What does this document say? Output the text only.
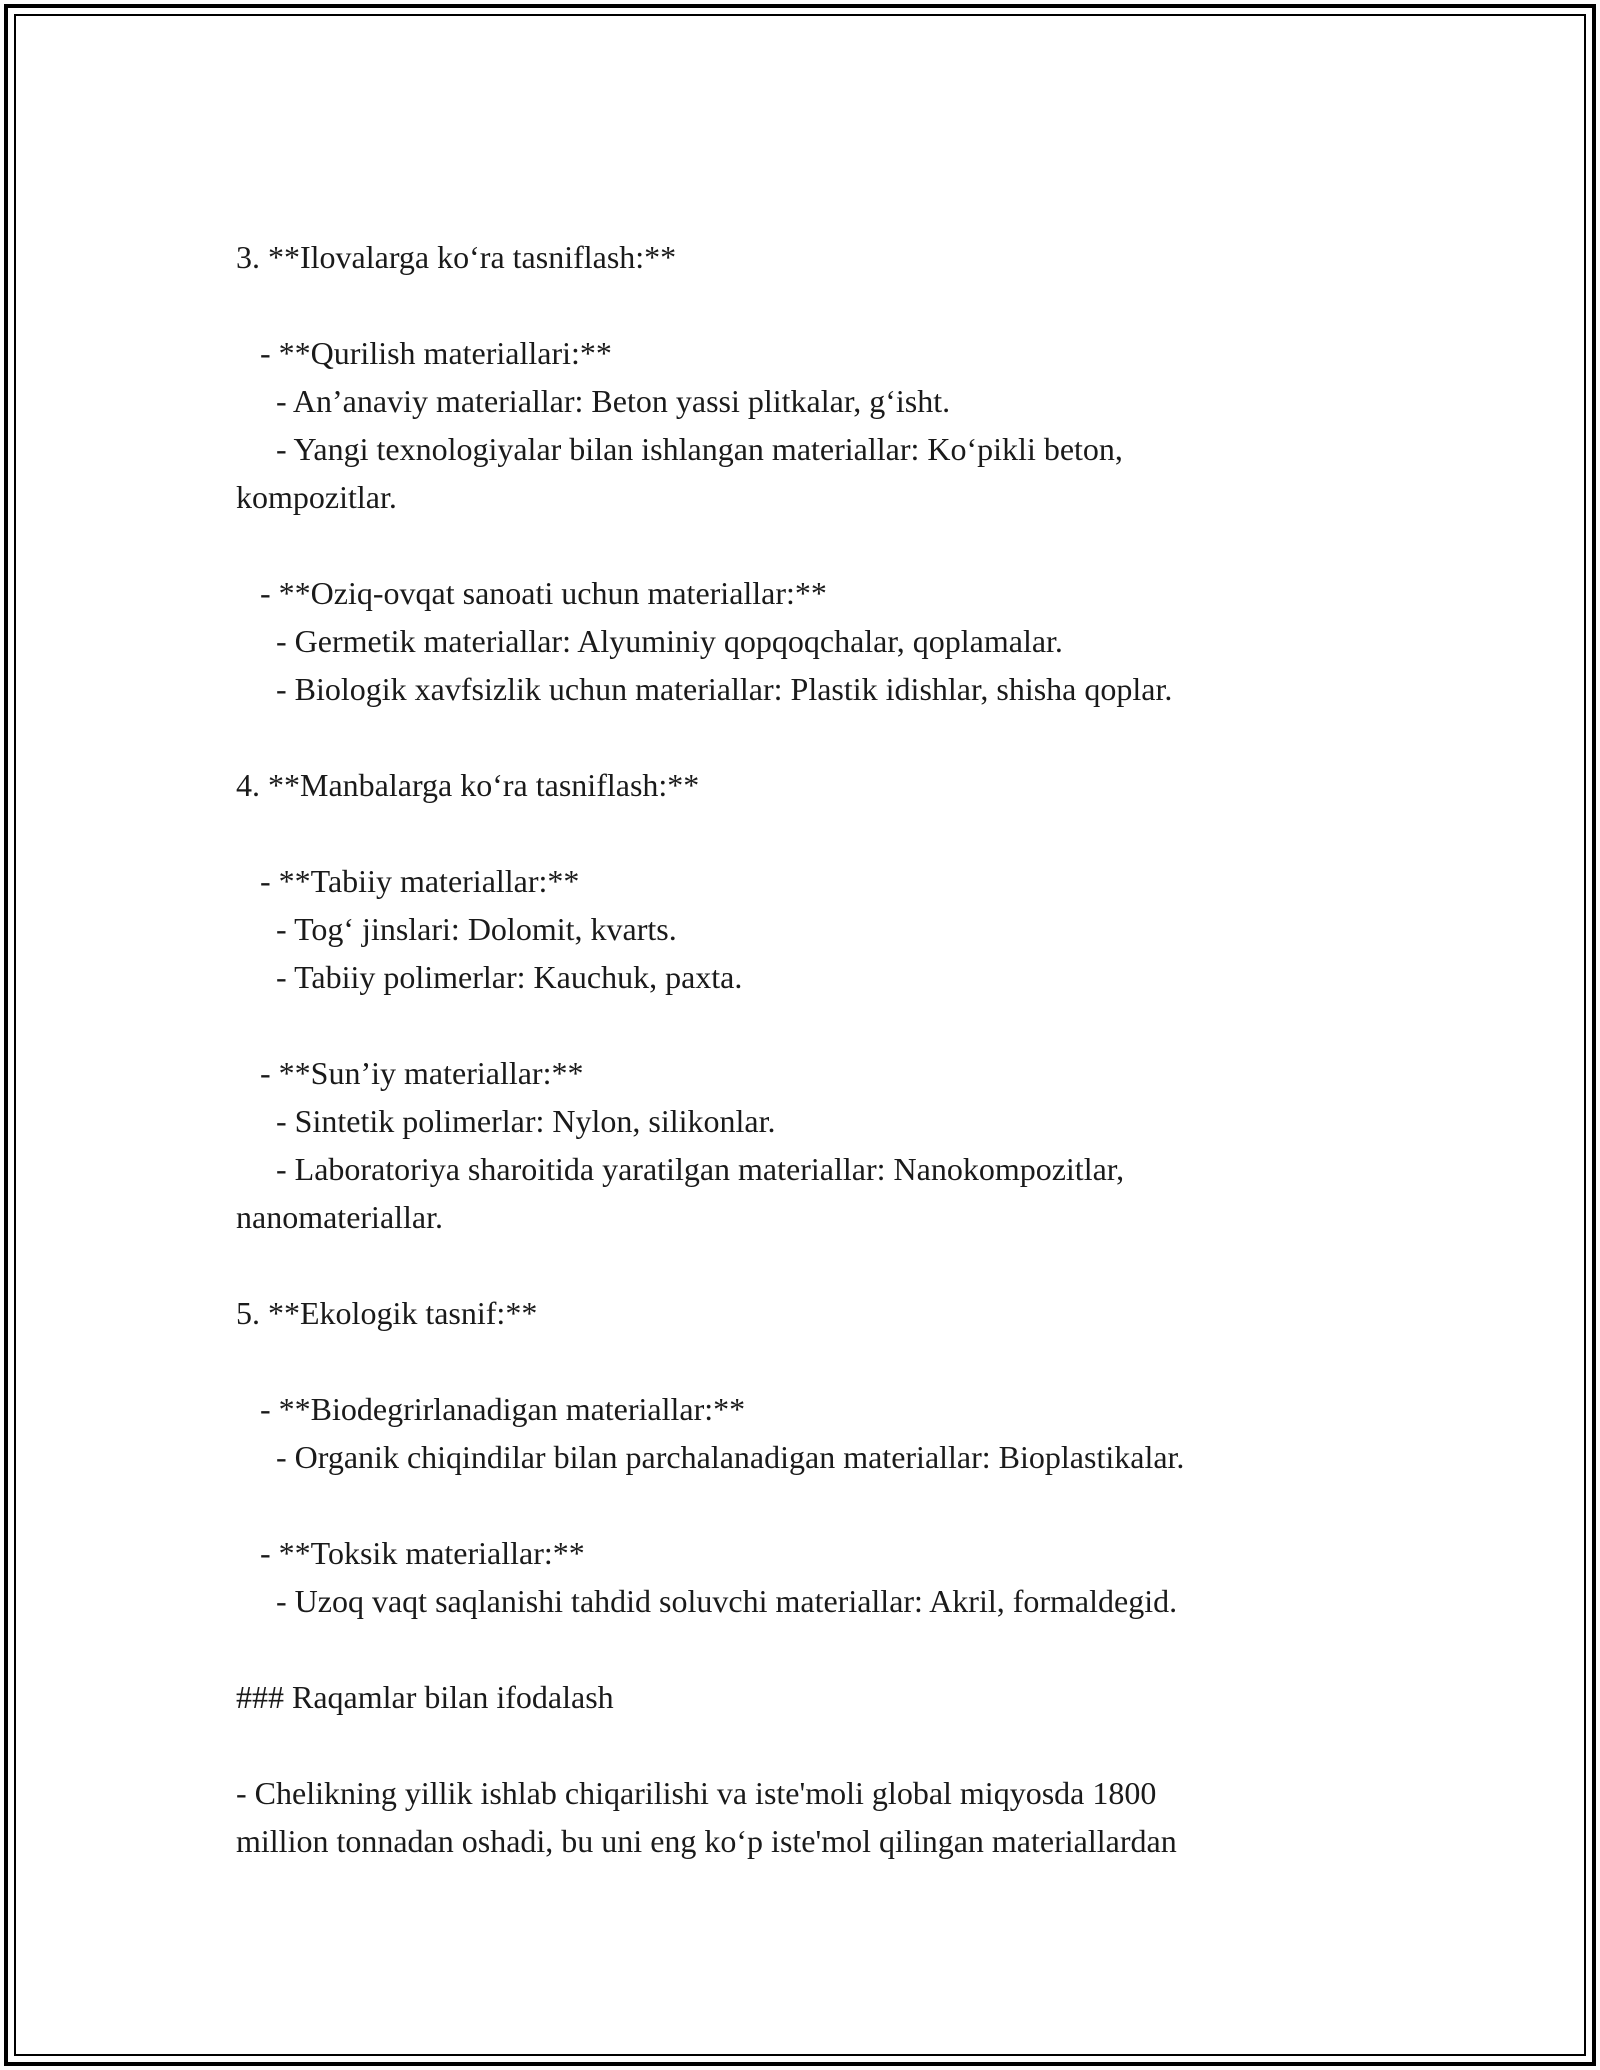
3. **Ilovalarga ko‘ra tasniflash:**
- **Qurilish materiallari:**
- An’anaviy materiallar: Beton yassi plitkalar, g‘isht.
- Yangi texnologiyalar bilan ishlangan materiallar: Ko‘pikli beton,
kompozitlar.
- **Oziq-ovqat sanoati uchun materiallar:**
- Germetik materiallar: Alyuminiy qopqoqchalar, qoplamalar.
- Biologik xavfsizlik uchun materiallar: Plastik idishlar, shisha qoplar.
4. **Manbalarga ko‘ra tasniflash:**
- **Tabiiy materiallar:**
- Tog‘ jinslari: Dolomit, kvarts.
- Tabiiy polimerlar: Kauchuk, paxta.
- **Sun’iy materiallar:**
- Sintetik polimerlar: Nylon, silikonlar.
- Laboratoriya sharoitida yaratilgan materiallar: Nanokompozitlar,
nanomateriallar.
5. **Ekologik tasnif:**
- **Biodegrirlanadigan materiallar:**
- Organik chiqindilar bilan parchalanadigan materiallar: Bioplastikalar.
- **Toksik materiallar:**
- Uzoq vaqt saqlanishi tahdid soluvchi materiallar: Akril, formaldegid.
### Raqamlar bilan ifodalash
- Chelikning yillik ishlab chiqarilishi va iste'moli global miqyosda 1800
million tonnadan oshadi, bu uni eng ko‘p iste'mol qilingan materiallardan
